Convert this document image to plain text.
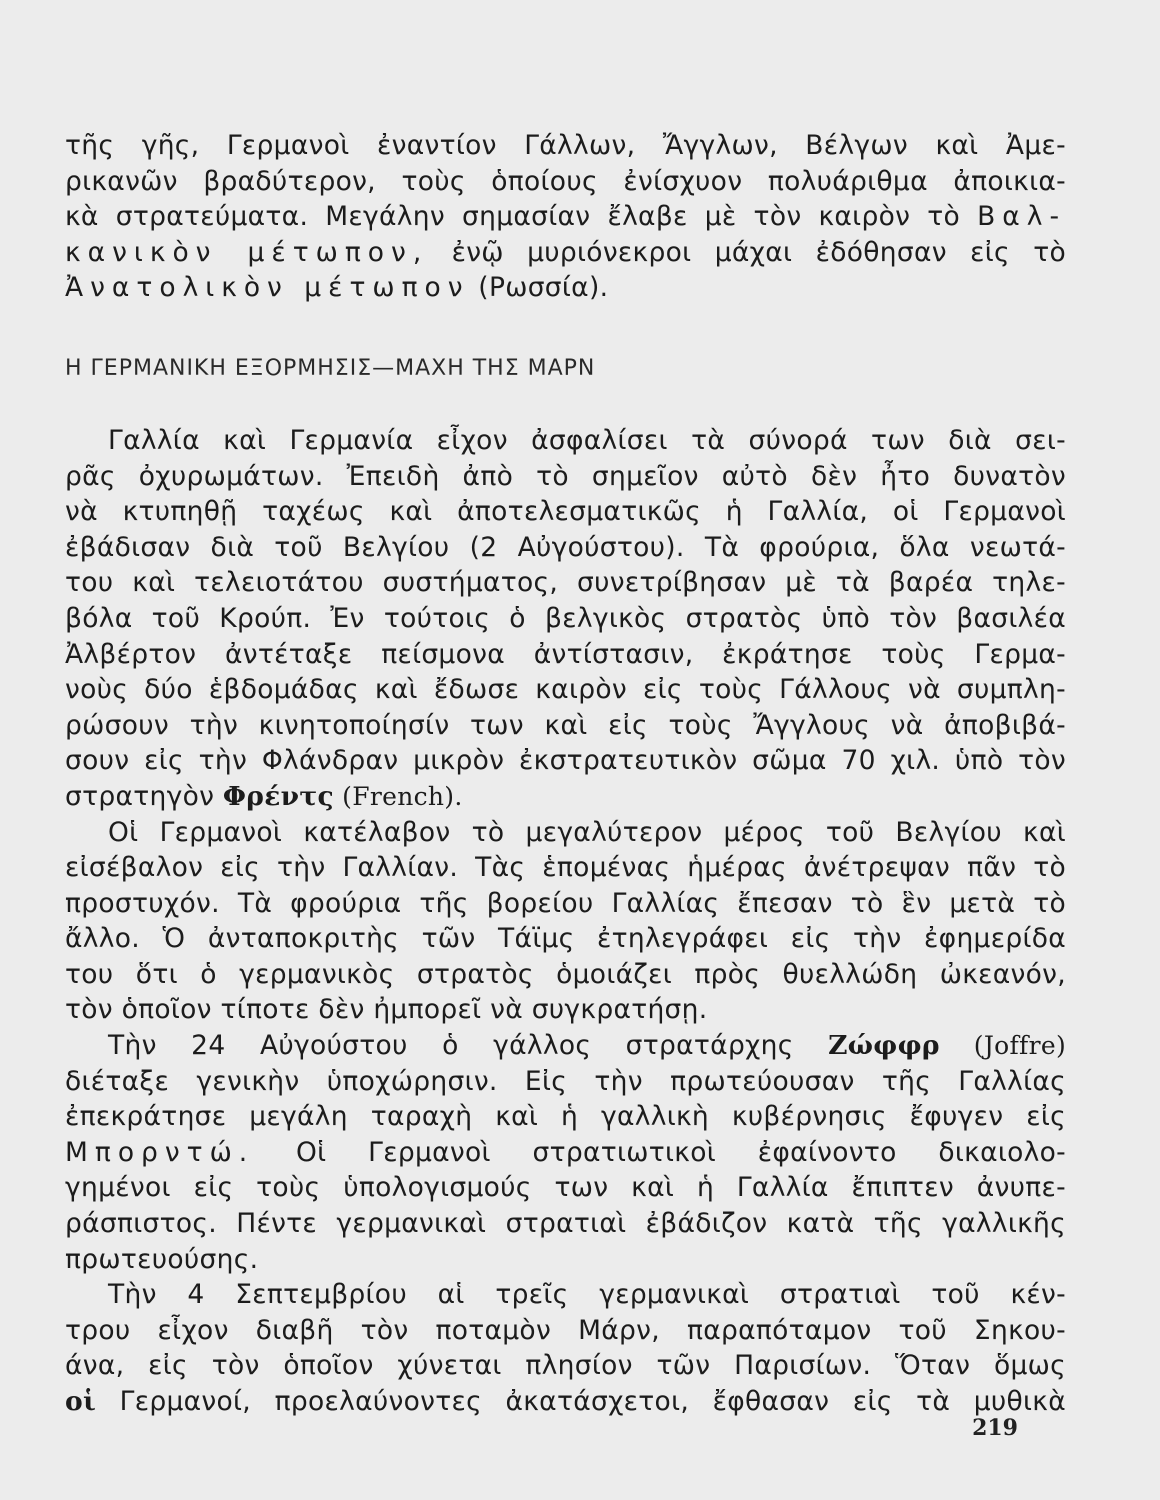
τῆς γῆς, Γερμανοὶ ἐναντίον Γάλλων, Ἄγγλων, Βέλγων καὶ Ἀμε-
ρικανῶν βραδύτερον, τοὺς ὁποίους ἐνίσχυον πολυάριθμα ἀποικια-
κὰ στρατεύματα. Μεγάλην σημασίαν ἔλαβε μὲ τὸν καιρὸν τὸ Βαλ-
κανικὸν μέτωπον, ἐνῷ μυριόνεκροι μάχαι ἐδόθησαν εἰς τὸ
Ἀνατολικὸν μέτωπον (Ρωσσία).

Η ΓΕΡΜΑΝΙΚΗ ΕΞΟΡΜΗΣΙΣ—ΜΑΧΗ ΤΗΣ ΜΑΡΝ

Γαλλία καὶ Γερμανία εἶχον ἀσφαλίσει τὰ σύνορά των διὰ σει-
ρᾶς ὀχυρωμάτων. Ἐπειδὴ ἀπὸ τὸ σημεῖον αὐτὸ δὲν ἦτο δυνατὸν
νὰ κτυπηθῇ ταχέως καὶ ἀποτελεσματικῶς ἡ Γαλλία, οἱ Γερμανοὶ
ἐβάδισαν διὰ τοῦ Βελγίου (2 Αὐγούστου). Τὰ φρούρια, ὅλα νεωτά-
του καὶ τελειοτάτου συστήματος, συνετρίβησαν μὲ τὰ βαρέα τηλε-
βόλα τοῦ Κρούπ. Ἐν τούτοις ὁ βελγικὸς στρατὸς ὑπὸ τὸν βασιλέα
Ἀλβέρτον ἀντέταξε πείσμονα ἀντίστασιν, ἐκράτησε τοὺς Γερμα-
νοὺς δύο ἑβδομάδας καὶ ἔδωσε καιρὸν εἰς τοὺς Γάλλους νὰ συμπλη-
ρώσουν τὴν κινητοποίησίν των καὶ εἰς τοὺς Ἄγγλους νὰ ἀποβιβά-
σουν εἰς τὴν Φλάνδραν μικρὸν ἐκστρατευτικὸν σῶμα 70 χιλ. ὑπὸ τὸν
στρατηγὸν Φρέντς (French).

Οἱ Γερμανοὶ κατέλαβον τὸ μεγαλύτερον μέρος τοῦ Βελγίου καὶ
εἰσέβαλον εἰς τὴν Γαλλίαν. Τὰς ἑπομένας ἡμέρας ἀνέτρεψαν πᾶν τὸ
προστυχόν. Τὰ φρούρια τῆς βορείου Γαλλίας ἔπεσαν τὸ ἓν μετὰ τὸ
ἄλλο. Ὁ ἀνταποκριτὴς τῶν Τάϊμς ἐτηλεγράφει εἰς τὴν ἐφημερίδα
του ὅτι ὁ γερμανικὸς στρατὸς ὁμοιάζει πρὸς θυελλώδη ὠκεανόν,
τὸν ὁποῖον τίποτε δὲν ἠμπορεῖ νὰ συγκρατήσῃ.

Τὴν 24 Αὐγούστου ὁ γάλλος στρατάρχης Ζώφφρ (Joffre)
διέταξε γενικὴν ὑποχώρησιν. Εἰς τὴν πρωτεύουσαν τῆς Γαλλίας
ἐπεκράτησε μεγάλη ταραχὴ καὶ ἡ γαλλικὴ κυβέρνησις ἔφυγεν εἰς
Μπορντώ. Οἱ Γερμανοὶ στρατιωτικοὶ ἐφαίνοντο δικαιολο-
γημένοι εἰς τοὺς ὑπολογισμούς των καὶ ἡ Γαλλία ἔπιπτεν ἀνυπε-
ράσπιστος. Πέντε γερμανικαὶ στρατιαὶ ἐβάδιζον κατὰ τῆς γαλλικῆς
πρωτευούσης.

Τὴν 4 Σεπτεμβρίου αἱ τρεῖς γερμανικαὶ στρατιαὶ τοῦ κέν-
τρου εἶχον διαβῆ τὸν ποταμὸν Μάρν, παραπόταμον τοῦ Σηκου-
άνα, εἰς τὸν ὁποῖον χύνεται πλησίον τῶν Παρισίων. Ὅταν ὅμως
οἱ Γερμανοί, προελαύνοντες ἀκατάσχετοι, ἔφθασαν εἰς τὰ μυθικὰ

219
